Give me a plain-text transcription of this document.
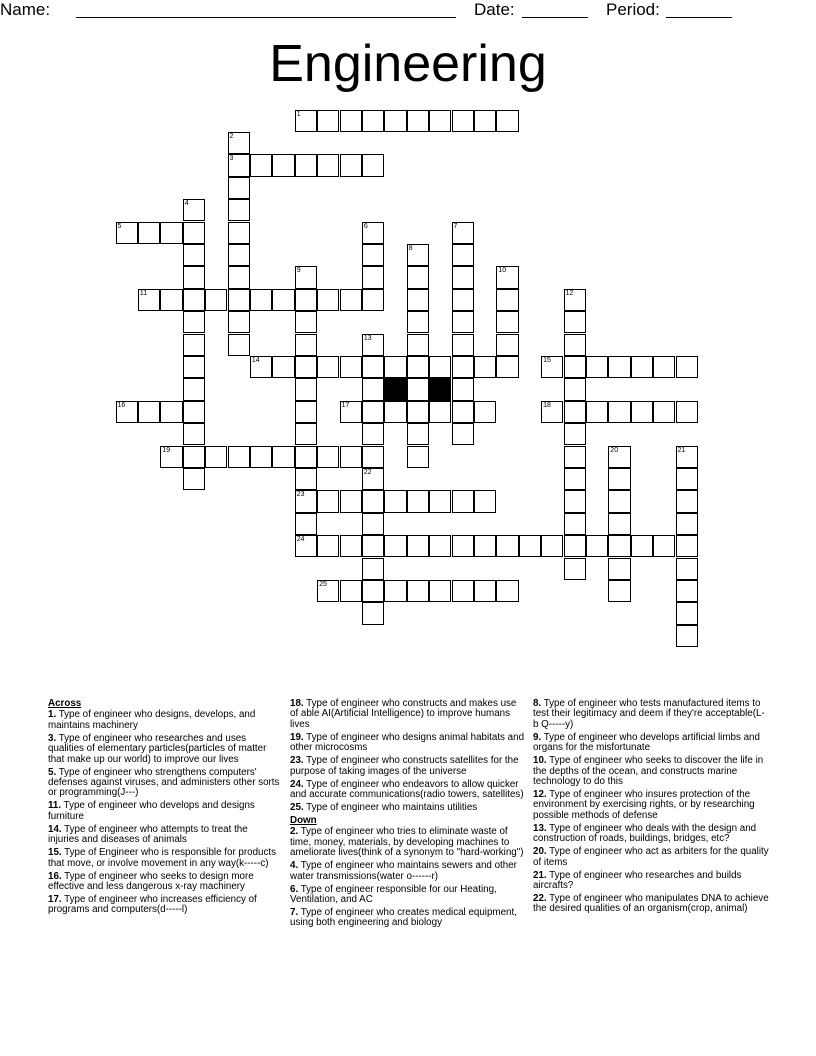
Name:	Date:	Period:
Engineering
1
3
5
11
14	15
16	17	18
19
23
24
25
2
4
6	7
8
9	10
12
13
20	21
22
Across
1. Type of engineer who designs, develops, and maintains machinery
3. Type of engineer who researches and uses qualities of elementary particles(particles of matter that make up our world) to improve our lives
5. Type of engineer who strengthens computers' defenses against viruses, and administers other sorts or programming(J---)
11. Type of engineer who develops and designs furniture
14. Type of engineer who attempts to treat the injuries and diseases of animals
15. Type of Engineer who is responsible for products that move, or involve movement in any way(k-----c)
16. Type of engineer who seeks to design more effective and less dangerous x-ray machinery
17. Type of engineer who increases efficiency of programs and computers(d-----l)
18. Type of engineer who constructs and makes use of able AI(Artificial Intelligence) to improve humans lives
19. Type of engineer who designs animal habitats and other microcosms
23. Type of engineer who constructs satellites for the purpose of taking images of the universe
24. Type of engineer who endeavors to allow quicker and accurate communications(radio towers, satellites)
25. Type of engineer who maintains utilities
Down
2. Type of engineer who tries to eliminate waste of time, money, materials, by developing machines to ameliorate lives(think of a synonym to "hard-working")
4. Type of engineer who maintains sewers and other water transmissions(water o------r)
6. Type of engineer responsible for our Heating, Ventilation, and AC
7. Type of engineer who creates medical equipment, using both engineering and biology
8. Type of engineer who tests manufactured items to test their legitimacy and deem if they're acceptable(L-b Q-----y)
9. Type of engineer who develops artificial limbs and organs for the misfortunate
10. Type of engineer who seeks to discover the life in the depths of the ocean, and constructs marine technology to do this
12. Type of engineer who insures protection of the environment by exercising rights, or by researching possible methods of defense
13. Type of engineer who deals with the design and construction of roads, buildings, bridges, etc?
20. Type of engineer who act as arbiters for the quality of items
21. Type of engineer who researches and builds aircrafts?
22. Type of engineer who manipulates DNA to achieve the desired qualities of an organism(crop, animal)
